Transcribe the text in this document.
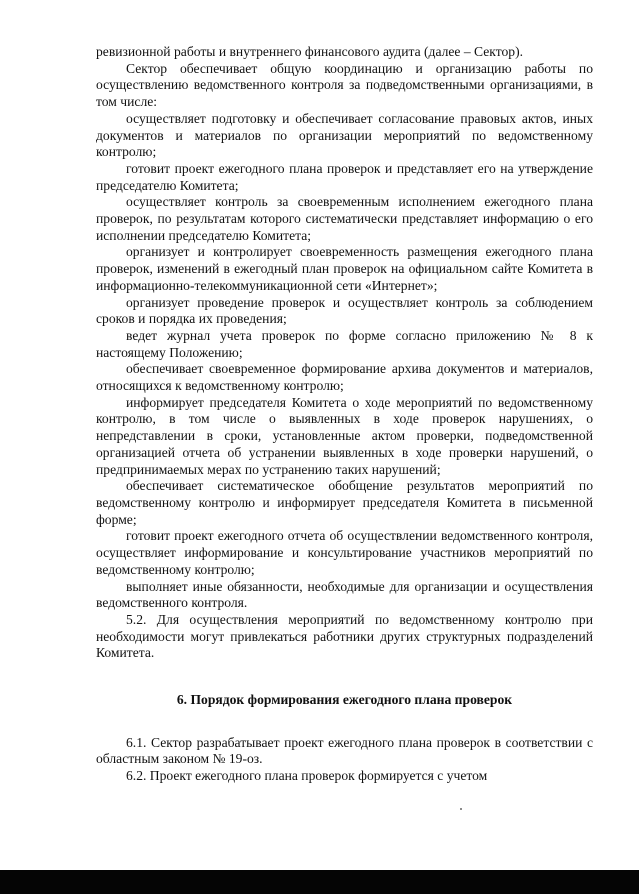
ревизионной работы и внутреннего финансового аудита (далее – Сектор).

Сектор обеспечивает общую координацию и организацию работы по осуществлению ведомственного контроля за подведомственными организациями, в том числе:

осуществляет подготовку и обеспечивает согласование правовых актов, иных документов и материалов по организации мероприятий по ведомственному контролю;

готовит проект ежегодного плана проверок и представляет его на утверждение председателю Комитета;

осуществляет контроль за своевременным исполнением ежегодного плана проверок, по результатам которого систематически представляет информацию о его исполнении председателю Комитета;

организует и контролирует своевременность размещения ежегодного плана проверок, изменений в ежегодный план проверок на официальном сайте Комитета в информационно-телекоммуникационной сети «Интернет»;

организует проведение проверок и осуществляет контроль за соблюдением сроков и порядка их проведения;

ведет журнал учета проверок по форме согласно приложению № 8 к настоящему Положению;

обеспечивает своевременное формирование архива документов и материалов, относящихся к ведомственному контролю;

информирует председателя Комитета о ходе мероприятий по ведомственному контролю, в том числе о выявленных в ходе проверок нарушениях, о непредставлении в сроки, установленные актом проверки, подведомственной организацией отчета об устранении выявленных в ходе проверки нарушений, о предпринимаемых мерах по устранению таких нарушений;

обеспечивает систематическое обобщение результатов мероприятий по ведомственному контролю и информирует председателя Комитета в письменной форме;

готовит проект ежегодного отчета об осуществлении ведомственного контроля, осуществляет информирование и консультирование участников мероприятий по ведомственному контролю;

выполняет иные обязанности, необходимые для организации и осуществления ведомственного контроля.

5.2. Для осуществления мероприятий по ведомственному контролю при необходимости могут привлекаться работники других структурных подразделений Комитета.

6. Порядок формирования ежегодного плана проверок

6.1. Сектор разрабатывает проект ежегодного плана проверок в соответствии с областным законом № 19-оз.

6.2. Проект ежегодного плана проверок формируется с учетом
